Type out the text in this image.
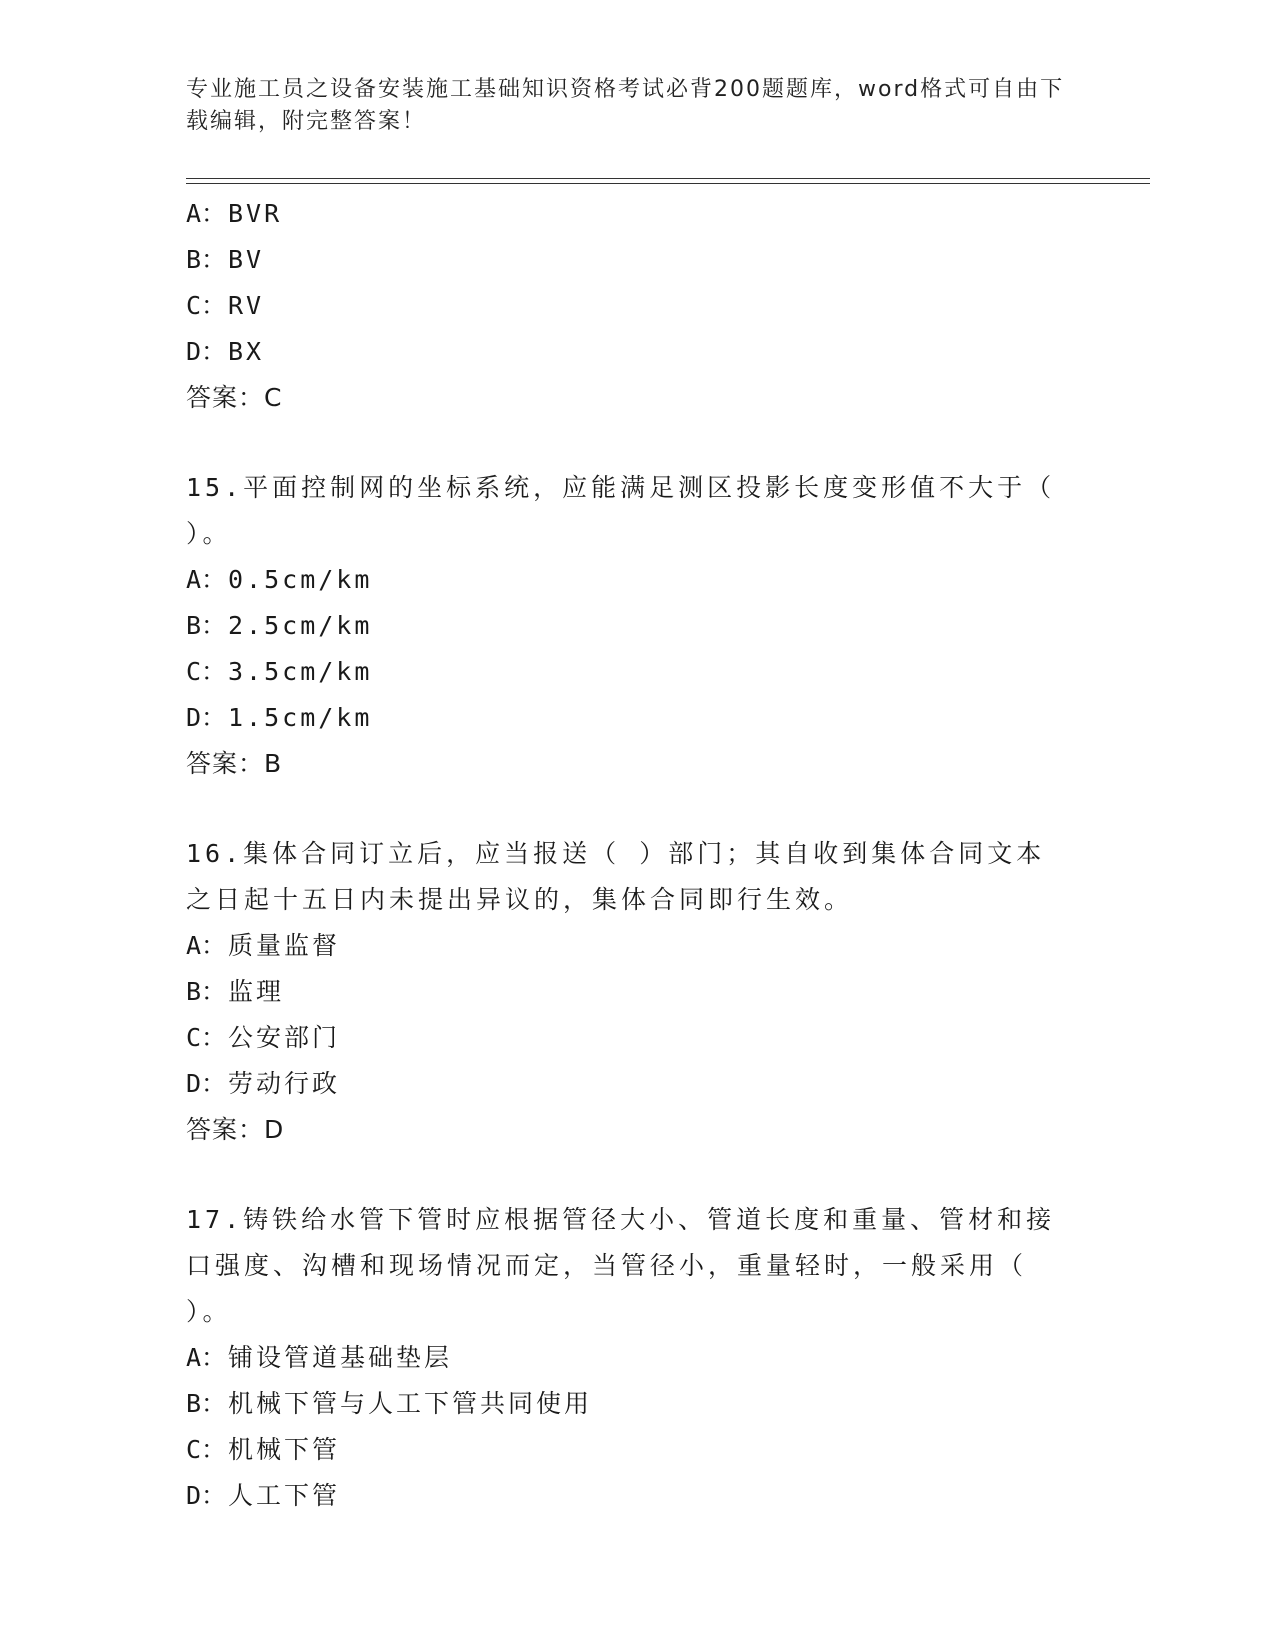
专业施工员之设备安装施工基础知识资格考试必背200题题库，word格式可自由下载编辑，附完整答案！

A：BVR

B：BV

C：RV

D：BX

答案：C

15.平面控制网的坐标系统，应能满足测区投影长度变形值不大于（ ）。

A：0.5cm/km

B：2.5cm/km

C：3.5cm/km

D：1.5cm/km

答案：B

16.集体合同订立后，应当报送（ ）部门；其自收到集体合同文本之日起十五日内未提出异议的，集体合同即行生效。

A：质量监督

B：监理

C：公安部门

D：劳动行政

答案：D

17.铸铁给水管下管时应根据管径大小、管道长度和重量、管材和接口强度、沟槽和现场情况而定，当管径小，重量轻时，一般采用（ ）。

A：铺设管道基础垫层

B：机械下管与人工下管共同使用

C：机械下管

D：人工下管
